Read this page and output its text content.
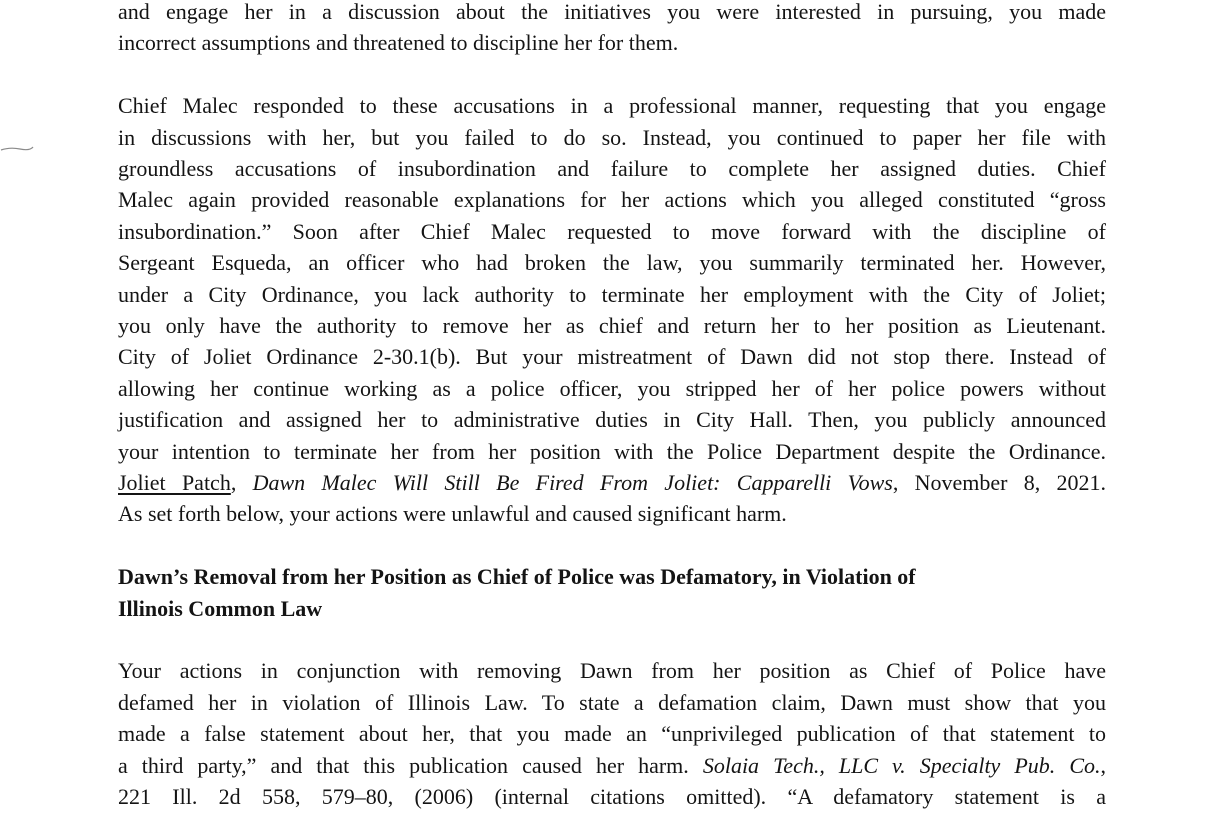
and engage her in a discussion about the initiatives you were interested in pursuing, you made
incorrect assumptions and threatened to discipline her for them.
Chief Malec responded to these accusations in a professional manner, requesting that you engage
in discussions with her, but you failed to do so. Instead, you continued to paper her file with
groundless accusations of insubordination and failure to complete her assigned duties. Chief
Malec again provided reasonable explanations for her actions which you alleged constituted “gross
insubordination.” Soon after Chief Malec requested to move forward with the discipline of
Sergeant Esqueda, an officer who had broken the law, you summarily terminated her. However,
under a City Ordinance, you lack authority to terminate her employment with the City of Joliet;
you only have the authority to remove her as chief and return her to her position as Lieutenant.
City of Joliet Ordinance 2-30.1(b). But your mistreatment of Dawn did not stop there. Instead of
allowing her continue working as a police officer, you stripped her of her police powers without
justification and assigned her to administrative duties in City Hall. Then, you publicly announced
your intention to terminate her from her position with the Police Department despite the Ordinance.
Joliet Patch, Dawn Malec Will Still Be Fired From Joliet: Capparelli Vows, November 8, 2021.
As set forth below, your actions were unlawful and caused significant harm.
Dawn’s Removal from her Position as Chief of Police was Defamatory, in Violation of
Illinois Common Law
Your actions in conjunction with removing Dawn from her position as Chief of Police have
defamed her in violation of Illinois Law. To state a defamation claim, Dawn must show that you
made a false statement about her, that you made an “unprivileged publication of that statement to
a third party,” and that this publication caused her harm. Solaia Tech., LLC v. Specialty Pub. Co.,
221 Ill. 2d 558, 579–80, (2006) (internal citations omitted). “A defamatory statement is a
